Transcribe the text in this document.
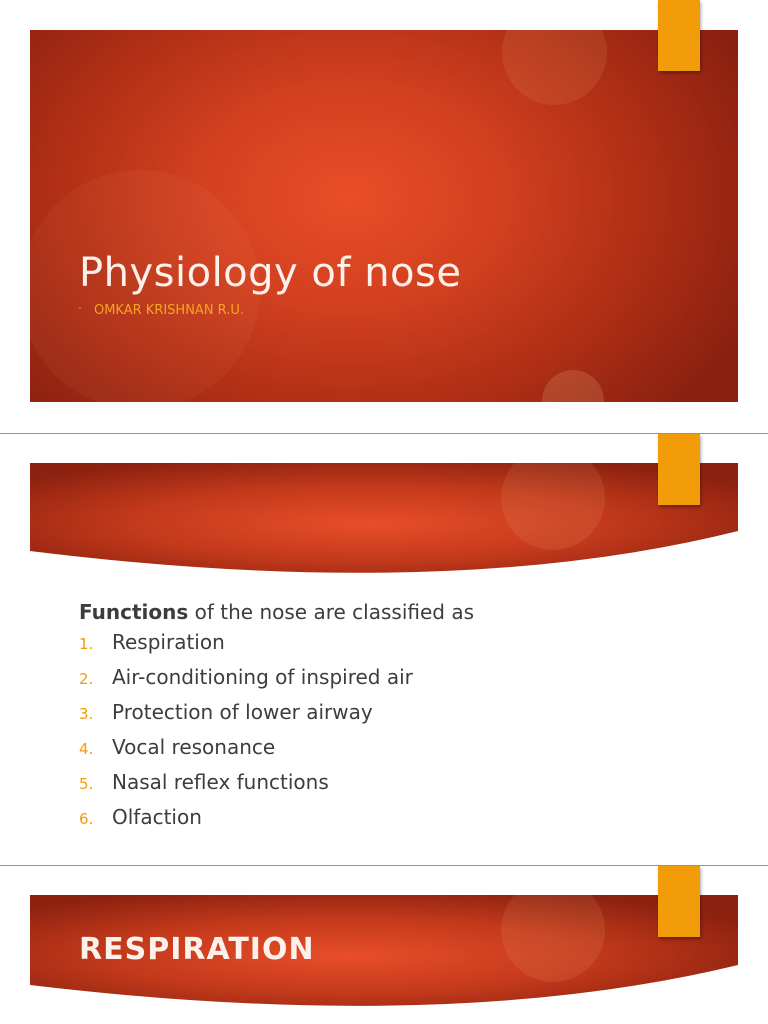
Physiology of nose
- OMKAR KRISHNAN R.U.

Functions of the nose are classified as

1. Respiration
2. Air-conditioning of inspired air
3. Protection of lower airway
4. Vocal resonance
5. Nasal reflex functions
6. Olfaction
RESPIRATION
